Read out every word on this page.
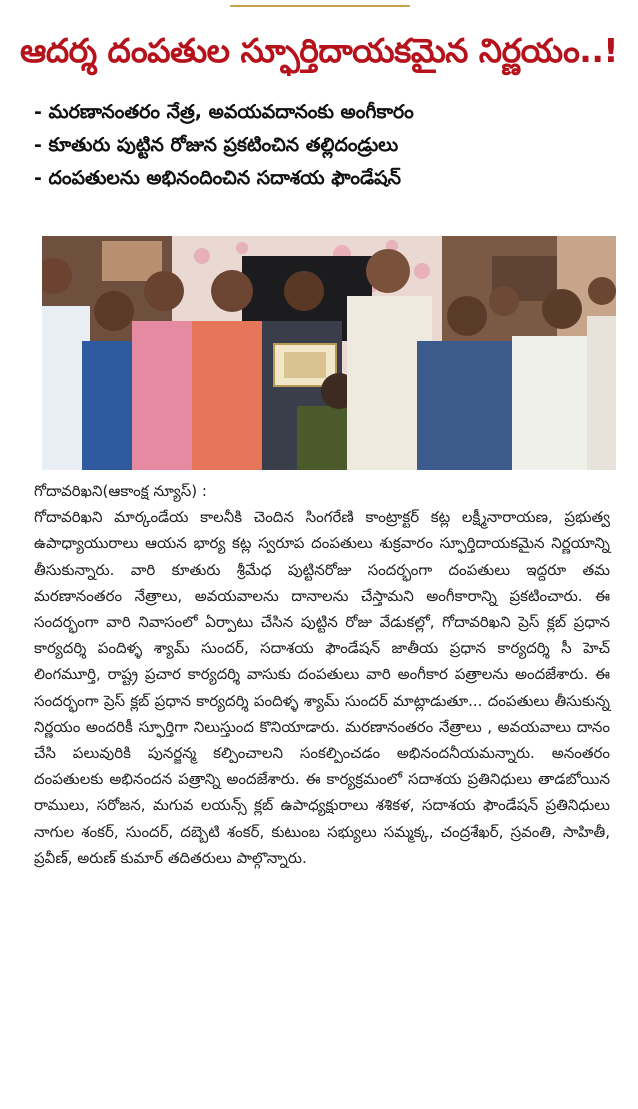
ఆదర్శ దంపతుల స్ఫూర్తిదాయకమైన నిర్ణయం..!
- మరణానంతరం నేత్ర, అవయవదానంకు అంగీకారం
- కూతురు పుట్టిన రోజున ప్రకటించిన తల్లిదండ్రులు
- దంపతులను అభినందించిన సదాశయ ఫౌండేషన్
గోదావరిఖని(ఆకాంక్ష న్యూస్) :
గోదావరిఖని మార్కండేయ కాలనీకి చెందిన సింగరేణి కాంట్రాక్టర్ కట్ల లక్ష్మీనారాయణ, ప్రభుత్వ ఉపాధ్యాయురాలు ఆయన భార్య కట్ల స్వరూప దంపతులు శుక్రవారం స్ఫూర్తిదాయకమైన నిర్ణయాన్ని తీసుకున్నారు. వారి కూతురు శ్రీమేధ పుట్టినరోజు సందర్భంగా దంపతులు ఇద్దరూ తమ మరణానంతరం నేత్రాలు, అవయవాలను దానాలను చేస్తామని అంగీకారాన్ని ప్రకటించారు. ఈ సందర్భంగా వారి నివాసంలో ఏర్పాటు చేసిన పుట్టిన రోజు వేడుకల్లో, గోదావరిఖని ప్రెస్ క్లబ్ ప్రధాన కార్యదర్శి పందిళ్ళ శ్యామ్ సుందర్, సదాశయ ఫౌండేషన్ జాతీయ ప్రధాన కార్యదర్శి సీ హెచ్ లింగమూర్తి, రాష్ట్ర ప్రచార కార్యదర్శి వాసుకు దంపతులు వారి అంగీకార పత్రాలను అందజేశారు. ఈ సందర్భంగా ప్రెస్ క్లబ్ ప్రధాన కార్యదర్శి పందిళ్ళ శ్యామ్ సుందర్ మాట్లాడుతూ... దంపతులు తీసుకున్న నిర్ణయం అందరికీ స్ఫూర్తిగా నిలుస్తుంద కొనియాడారు. మరణానంతరం నేత్రాలు , అవయవాలు దానం చేసి పలువురికి పునర్జన్మ కల్పించాలని సంకల్పించడం అభినందనీయమన్నారు. అనంతరం దంపతులకు అభినందన పత్రాన్ని అందజేశారు. ఈ కార్యక్రమంలో సదాశయ ప్రతినిధులు తాడబోయిన రాములు, సరోజన, మగువ లయన్స్ క్లబ్ ఉపాధ్యక్షురాలు శశికళ, సదాశయ ఫౌండేషన్ ప్రతినిధులు నాగుల శంకర్, సుందర్, దబ్బెటి శంకర్, కుటుంబ సభ్యులు సమ్మక్క, చంద్రశేఖర్, స్రవంతి, సాహితీ, ప్రవీణ్, అరుణ్ కుమార్ తదితరులు పాల్గొన్నారు.
